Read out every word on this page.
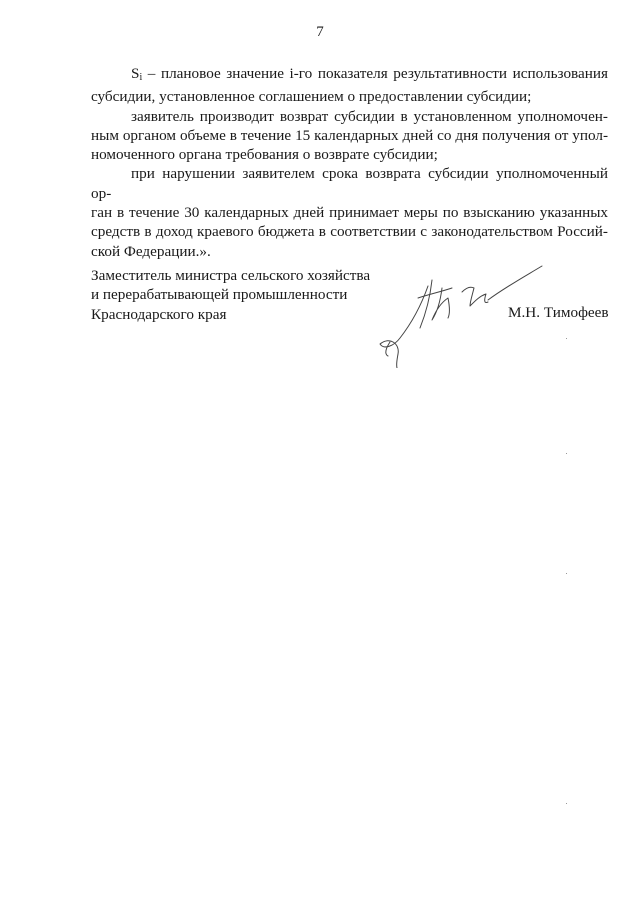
7

$S_i$ – плановое значение i-го показателя результативности использования
субсидии, установленное соглашением о предоставлении субсидии;

заявитель производит возврат субсидии в установленном уполномочен-
ным органом объеме в течение 15 календарных дней со дня получения от упол-
номоченного органа требования о возврате субсидии;

при нарушении заявителем срока возврата субсидии уполномоченный ор-
ган в течение 30 календарных дней принимает меры по взысканию указанных
средств в доход краевого бюджета в соответствии с законодательством Россий-
ской Федерации.».

Заместитель министра сельского хозяйства
и перерабатывающей промышленности
Краснодарского края	М.Н. Тимофеев
